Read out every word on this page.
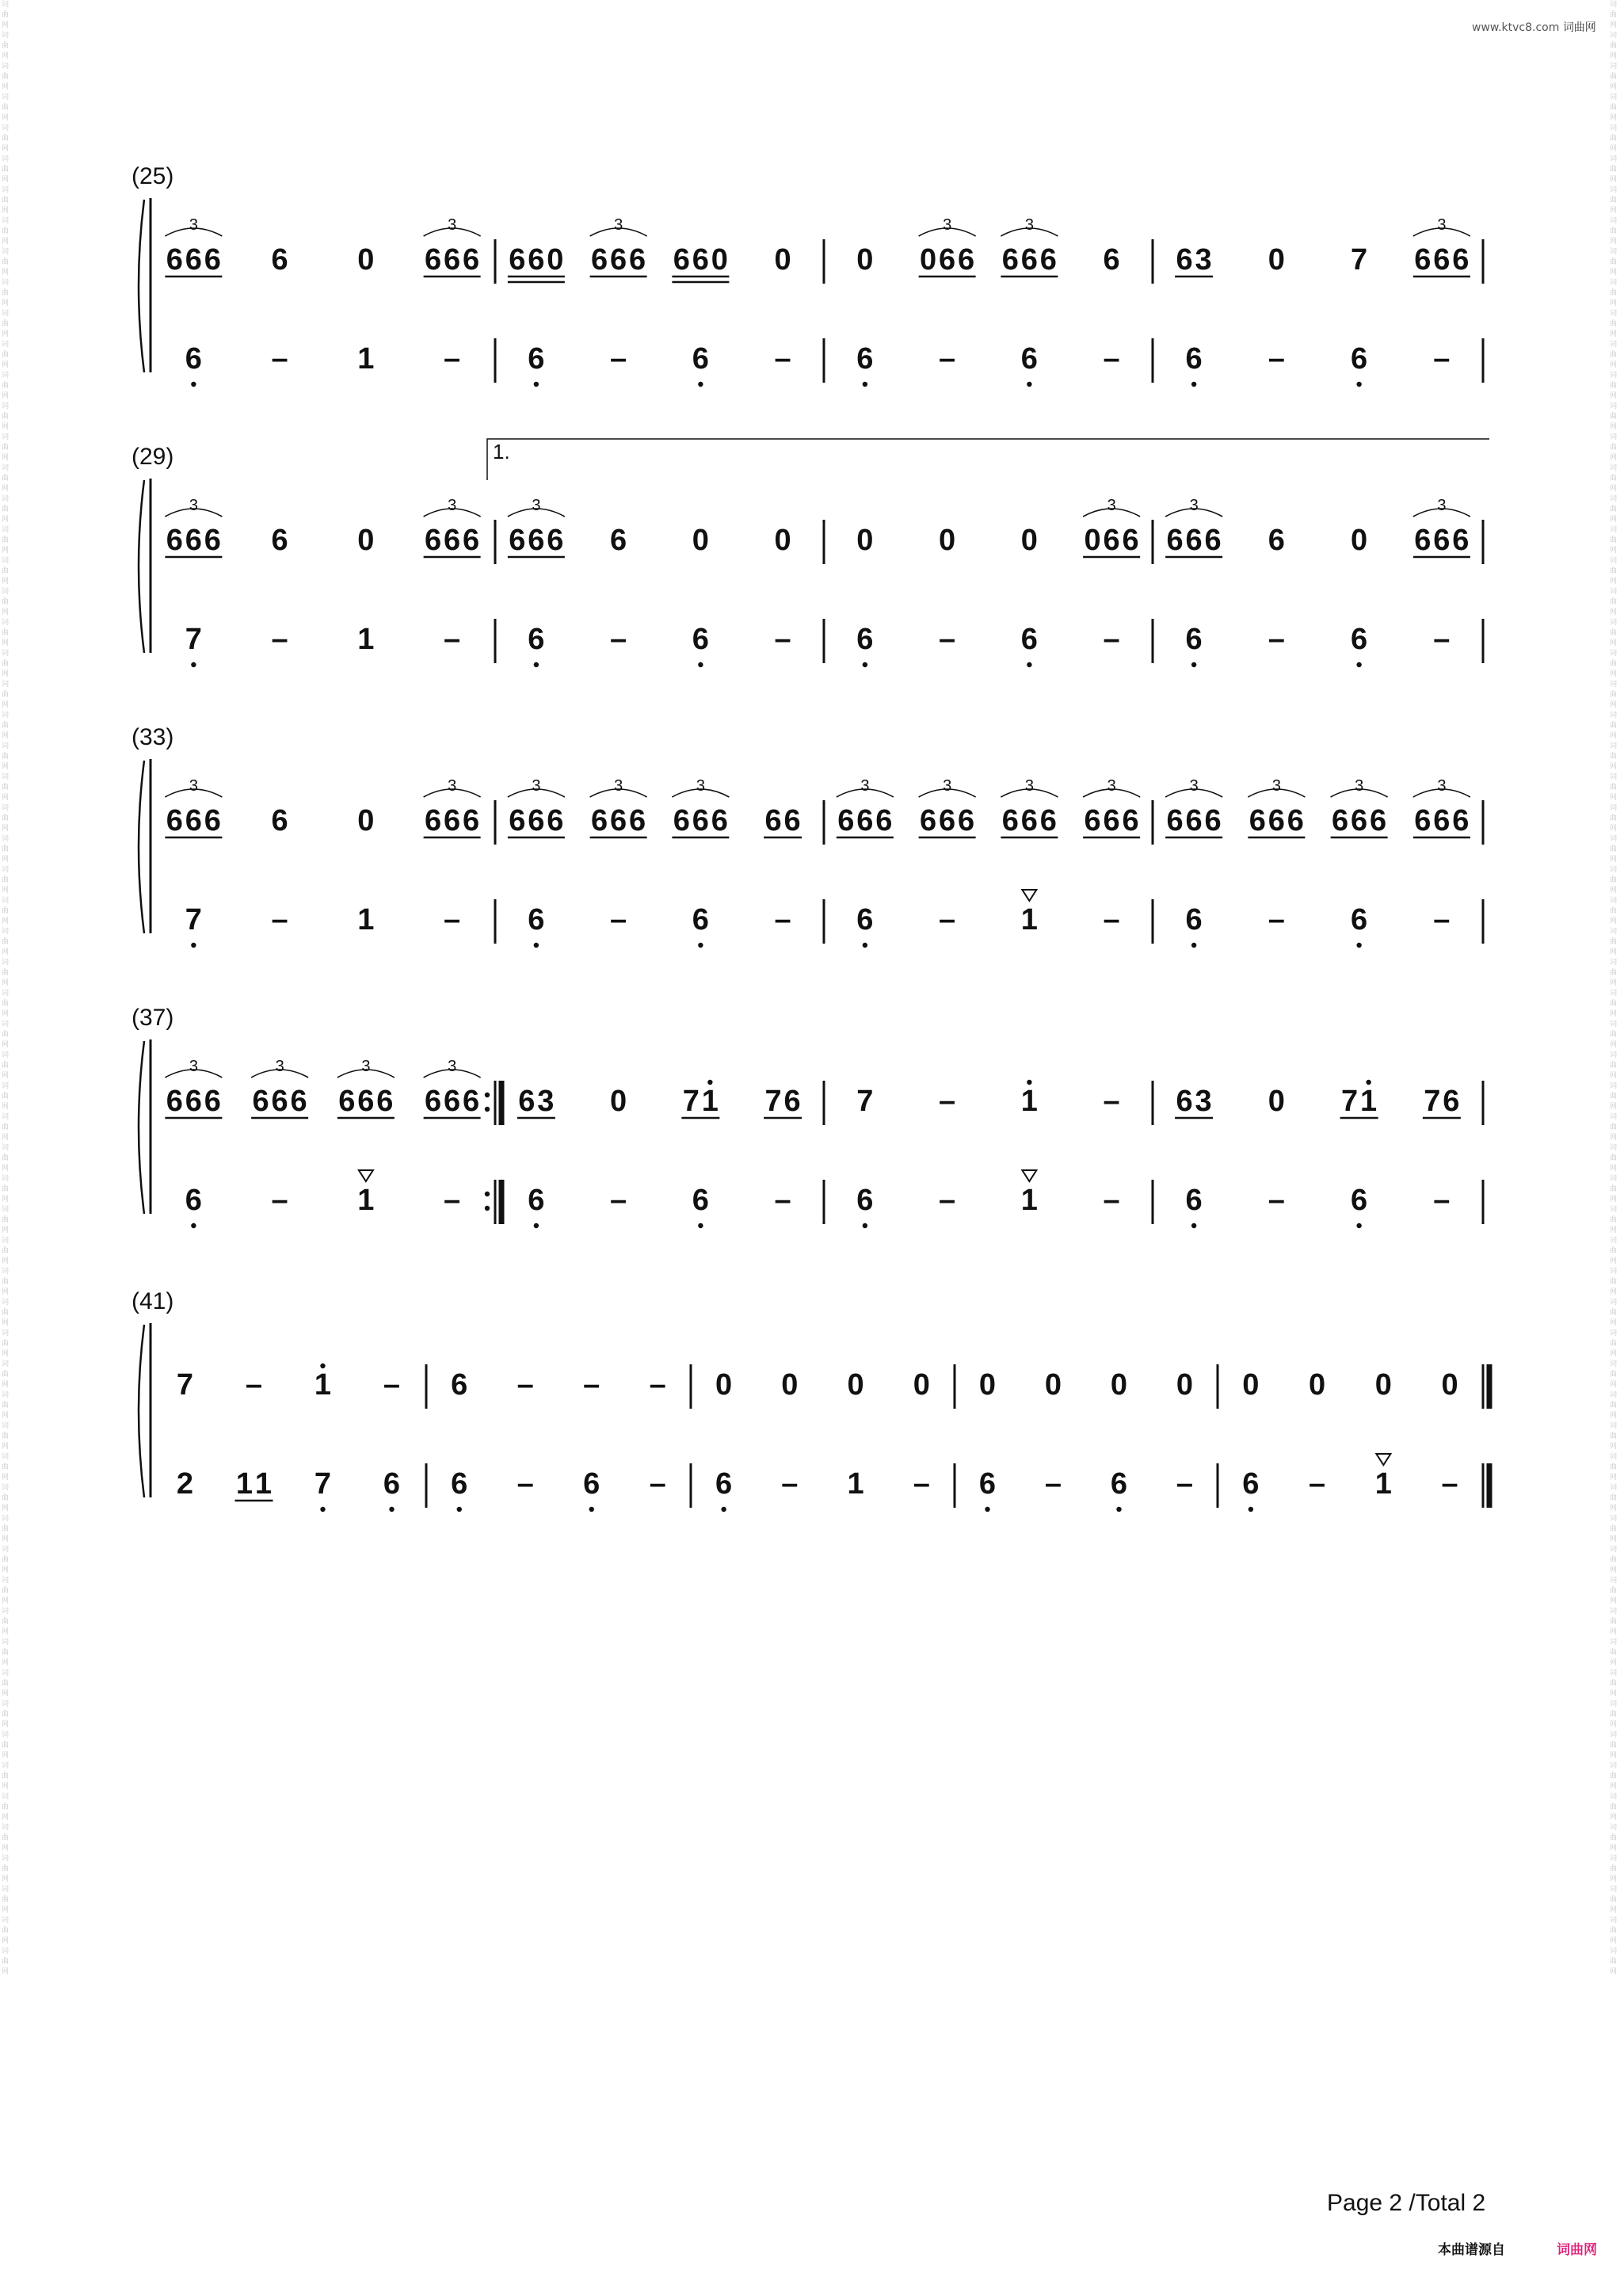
词曲网词曲网词曲网词曲网词曲网词曲网词曲网词曲网词曲网词曲网词曲网词曲网词曲网词曲网词曲网词曲网词曲网词曲网词曲网词曲网词曲网词曲网词曲网词曲网词曲网词曲网词曲网词曲网词曲网词曲网词曲网词曲网词曲网词曲网词曲网词曲网词曲网词曲网词曲网词曲网词曲网词曲网词曲网词曲网词曲网词曲网词曲网词曲网词曲网词曲网词曲网词曲网词曲网词曲网词曲网词曲网词曲网词曲网词曲网词曲网词曲网词曲网词曲网词曲网
词曲网词曲网词曲网词曲网词曲网词曲网词曲网词曲网词曲网词曲网词曲网词曲网词曲网词曲网词曲网词曲网词曲网词曲网词曲网词曲网词曲网词曲网词曲网词曲网词曲网词曲网词曲网词曲网词曲网词曲网词曲网词曲网词曲网词曲网词曲网词曲网词曲网词曲网词曲网词曲网词曲网词曲网词曲网词曲网词曲网词曲网词曲网词曲网词曲网词曲网词曲网词曲网词曲网词曲网词曲网词曲网词曲网词曲网词曲网词曲网词曲网词曲网词曲网词曲网
www.ktvc8.com 词曲网
(25)
6 6 6
3
6 0 6 6 6
3
6 6 0 6 6 6
3
6 6 0 0 0 0 6 6
3
6 6 6
3
6 6 3 0 7 6 6 6
3
6 – 1 – 6 – 6 – 6 – 6 – 6 – 6 –
(29)	1.
6 6 6
3
6 0 6 6 6
3
6 6 6
3
6 0 0 0 0 0 0 6 6
3
6 6 6
3
6 0 6 6 6
3
7 – 1 – 6 – 6 – 6 – 6 – 6 – 6 –
(33)
6 6 6
3
6 0 6 6 6
3
6 6 6
3
6 6 6
3
6 6 6
3
6 6 6 6 6
3
6 6 6
3
6 6 6
3
6 6 6
3
6 6 6
3
6 6 6
3
6 6 6
3
6 6 6
3
7 – 1 – 6 – 6 – 6 – 1 – 6 – 6 –
(37)
6 6 6
3
6 6 6
3
6 6 6
3
6 6 6
3
6 3 0 7 1 7 6 7 – 1 – 6 3 0 7 1 7 6
6 – 1 – 6 – 6 – 6 – 1 – 6 – 6 –
(41)
7 – 1 – 6 – – – 0 0 0 0 0 0 0 0 0 0 0 0
2 1 1 7 6 6 – 6 – 6 – 1 – 6 – 6 – 6 – 1 –
Page 2 /Total 2
本曲谱源自	词曲网
